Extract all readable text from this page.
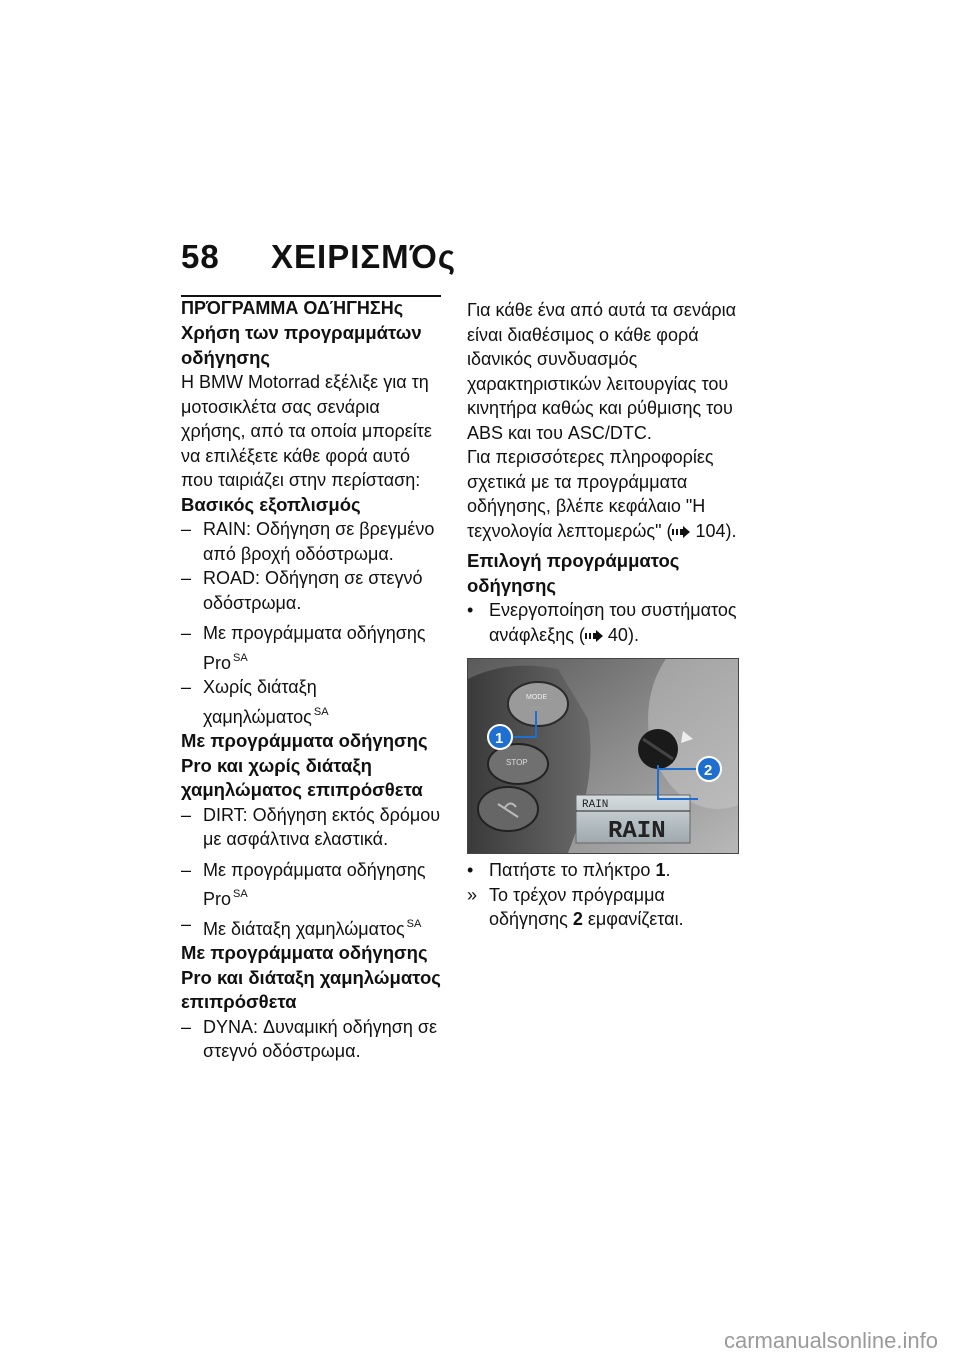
58 ΧΕΙΡΙΣΜΌς
ΠΡΌΓΡΑΜΜΑ ΟΔΉΓΗΣΗς

Χρήση των προγραμμάτων οδήγησης

Η BMW Motorrad εξέλιξε για τη μοτοσικλέτα σας σενάρια χρήσης, από τα οποία μπορείτε να επιλέξετε κάθε φορά αυτό που ταιριάζει στην περίσταση:

Βασικός εξοπλισμός

– RAIN: Οδήγηση σε βρεγμένο από βροχή οδόστρωμα.
– ROAD: Οδήγηση σε στεγνό οδόστρωμα.
– Με προγράμματα οδήγησης Pro $^{SA}$
– Χωρίς διάταξη χαμηλώματος $^{SA}$

Με προγράμματα οδήγησης Pro και χωρίς διάταξη χαμηλώματος επιπρόσθετα

– DIRT: Οδήγηση εκτός δρόμου με ασφάλτινα ελαστικά.
– Με προγράμματα οδήγησης Pro $^{SA}$
– Με διάταξη χαμηλώματος $^{SA}$

Με προγράμματα οδήγησης Pro και διάταξη χαμηλώματος επιπρόσθετα

– DYNA: Δυναμική οδήγηση σε στεγνό οδόστρωμα.

Για κάθε ένα από αυτά τα σενάρια είναι διαθέσιμος ο κάθε φορά ιδανικός συνδυασμός χαρακτηριστικών λειτουργίας του κινητήρα καθώς και ρύθμισης του ABS και του ASC/DTC.

Για περισσότερες πληροφορίες σχετικά με τα προγράμματα οδήγησης, βλέπε κεφάλαιο "Η τεχνολογία λεπτομερώς" ( 104).

Επιλογή προγράμματος οδήγησης

• Ενεργοποίηση του συστήματος ανάφλεξης ( 40).
MODE
STOP
RAIN
RAIN
1
2
• Πατήστε το πλήκτρο 1.
» Το τρέχον πρόγραμμα οδήγησης 2 εμφανίζεται.
carmanualsonline.info
